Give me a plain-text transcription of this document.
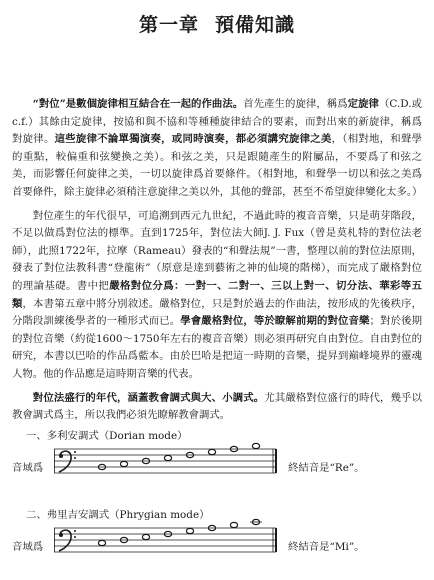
第一章 預備知識

“對位”是數個旋律相互結合在一起的作曲法。首先產生的旋律，稱爲定旋律（C.D.或c.f.）其餘由定旋律，按協和與不協和等種種旋律結合的要素，而對出來的新旋律，稱爲對旋律。這些旋律不論單獨演奏，或同時演奏，都必須講究旋律之美，（相對地，和聲學的重點，較偏重和弦變換之美）。和弦之美，只是跟隨產生的附屬品，不要爲了和弦之美，而影響任何旋律之美，一切以旋律爲首要條件。（相對地，和聲學一切以和弦之美爲首要條件，除主旋律必須稍注意旋律之美以外，其他的聲部，甚至不希望旋律變化太多。）

對位產生的年代很早，可追溯到西元九世紀，不過此時的複音音樂，只是萌芽階段，不足以做爲對位法的標準。直到1725年，對位法大師J. J. Fux（曾是莫札特的對位法老師），此照1722年，拉摩（Rameau）發表的“和聲法規”一書，整理以前的對位法原則，發表了對位法教科書“登龍術”（原意是達到藝術之神的仙境的階梯），而完成了嚴格對位的理論基礎。書中把嚴格對位分爲：一對一、二對一、三以上對一、切分法、華彩等五類，本書第五章中將分別敘述。嚴格對位，只是對於過去的作曲法，按形成的先後秩序，分階段訓練後學者的一種形式而已。學會嚴格對位，等於瞭解前期的對位音樂；對於後期的對位音樂（約從1600～1750年左右的複音音樂）則必須再研究自由對位。自由對位的研究，本書以巴哈的作品爲藍本。由於巴哈是把這一時期的音樂，提昇到巔峰境界的靈魂人物。他的作品應是這時期音樂的代表。

對位法盛行的年代，涵蓋教會調式與大、小調式。尤其嚴格對位盛行的時代，幾乎以教會調式爲主，所以我們必須先瞭解教會調式。

一、多利安調式（Dorian mode）
音域爲	終結音是“Re”。
二、弗里吉安調式（Phrygian mode）
音域爲	終結音是“Mi”。
